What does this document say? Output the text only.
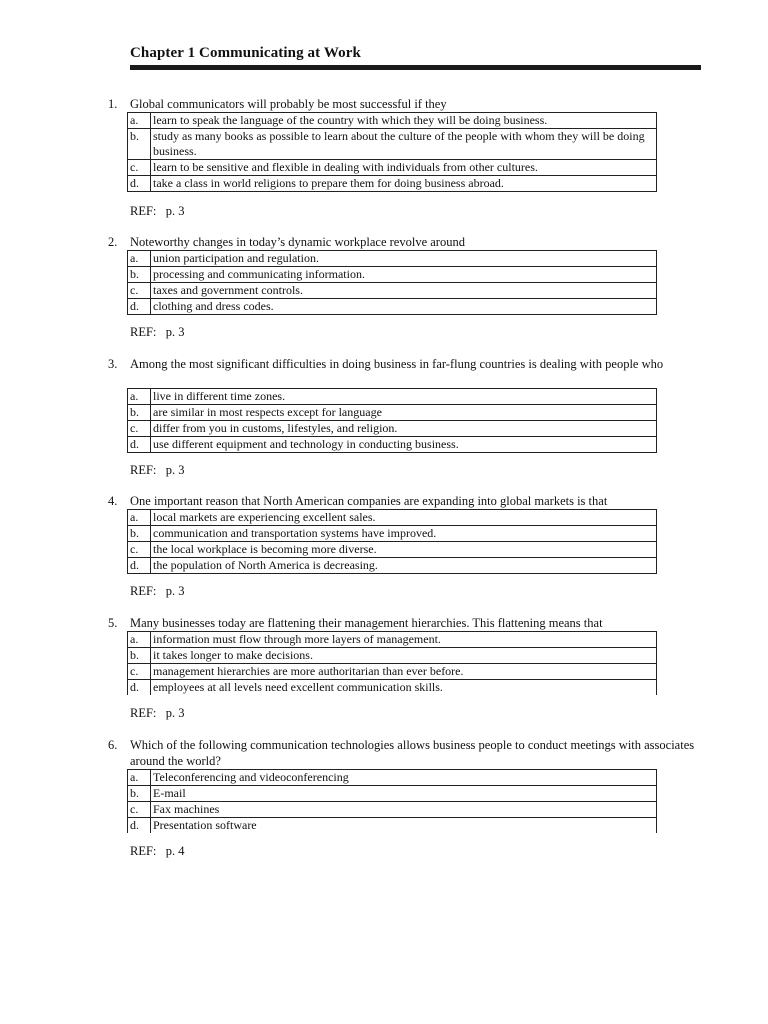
Chapter 1 Communicating at Work
1. Global communicators will probably be most successful if they
a.	learn to speak the language of the country with which they will be doing business.
b.	study as many books as possible to learn about the culture of the people with whom they will be doing business.
c.	learn to be sensitive and flexible in dealing with individuals from other cultures.
d.	take a class in world religions to prepare them for doing business abroad.
REF: p. 3
2. Noteworthy changes in today’s dynamic workplace revolve around
a.	union participation and regulation.
b.	processing and communicating information.
c.	taxes and government controls.
d.	clothing and dress codes.
REF: p. 3
3. Among the most significant difficulties in doing business in far-flung countries is dealing with people who
a.	live in different time zones.
b.	are similar in most respects except for language
c.	differ from you in customs, lifestyles, and religion.
d.	use different equipment and technology in conducting business.
REF: p. 3
4. One important reason that North American companies are expanding into global markets is that
a.	local markets are experiencing excellent sales.
b.	communication and transportation systems have improved.
c.	the local workplace is becoming more diverse.
d.	the population of North America is decreasing.
REF: p. 3
5. Many businesses today are flattening their management hierarchies. This flattening means that
a.	information must flow through more layers of management.
b.	it takes longer to make decisions.
c.	management hierarchies are more authoritarian than ever before.
d.	employees at all levels need excellent communication skills.
REF: p. 3
6. Which of the following communication technologies allows business people to conduct meetings with associates around the world?
a.	Teleconferencing and videoconferencing
b.	E-mail
c.	Fax machines
d.	Presentation software
REF: p. 4
